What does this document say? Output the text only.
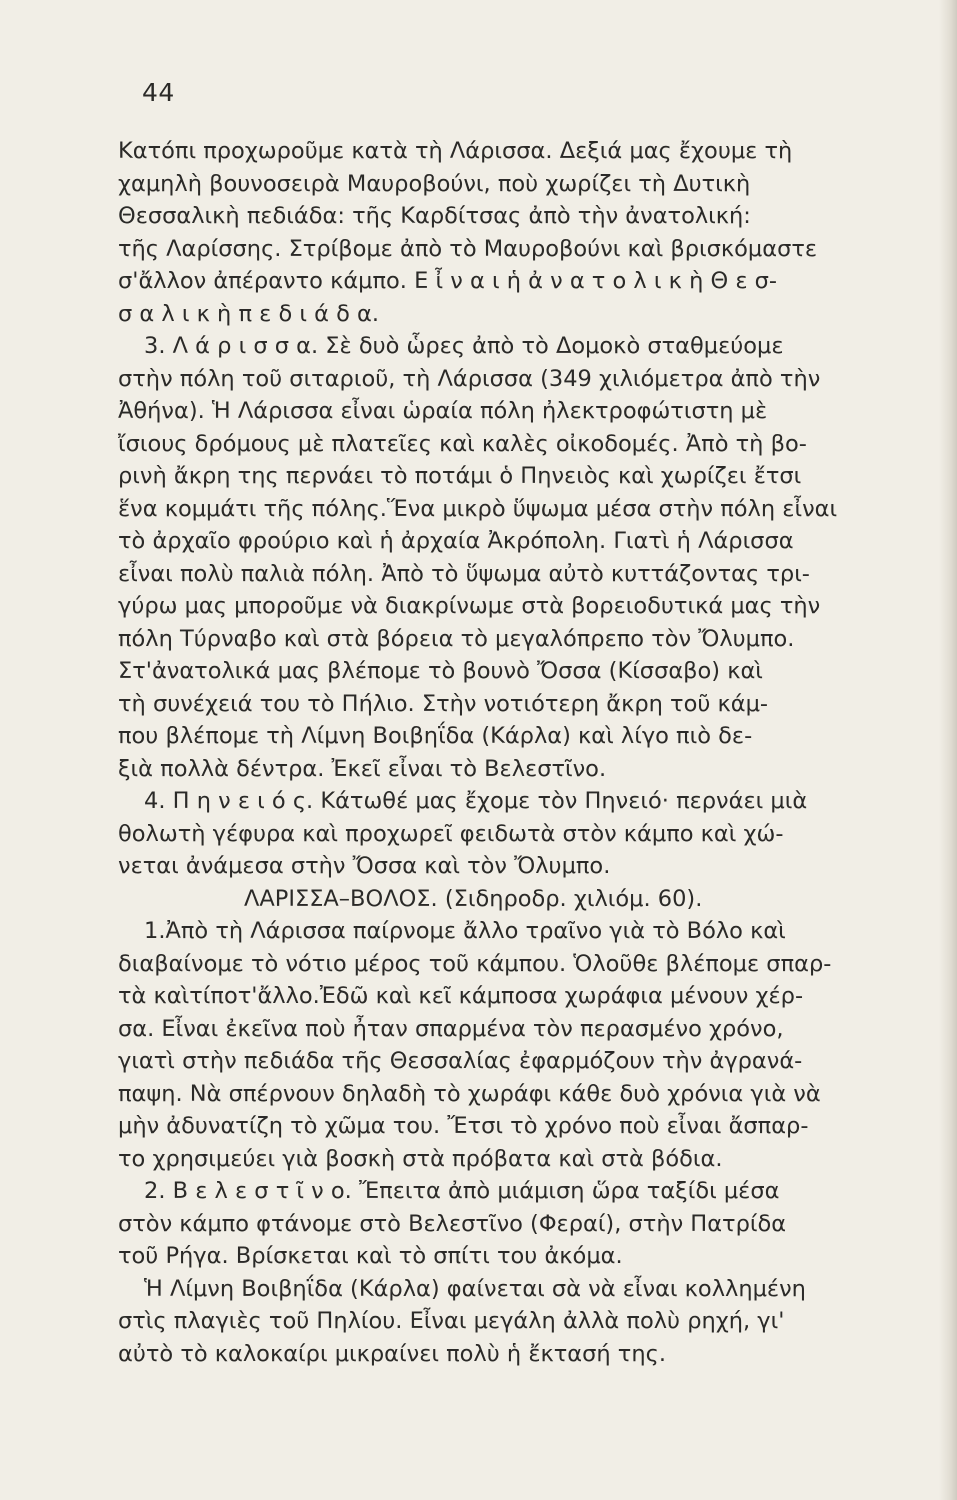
44
Κατόπι προχωροῦμε κατὰ τὴ Λάρισσα. Δεξιά μας ἔχουμε τὴ
χαμηλὴ βουνοσειρὰ Μαυροβούνι, ποὺ χωρίζει τὴ Δυτικὴ
Θεσσαλικὴ πεδιάδα: τῆς Καρδίτσας ἀπὸ τὴν ἀνατολική:
τῆς Λαρίσσης. Στρίβομε ἀπὸ τὸ Μαυροβούνι καὶ βρισκόμαστε
σ'ἄλλον ἀπέραντο κάμπο. Ε ἶ ν α ι ἡ ἀ ν α τ ο λ ι κ ὴ Θ ε σ-
σ α λ ι κ ὴ π ε δ ι ά δ α.
3. Λ ά ρ ι σ σ α. Σὲ δυὸ ὧρες ἀπὸ τὸ Δομοκὸ σταθμεύομε
στὴν πόλη τοῦ σιταριοῦ, τὴ Λάρισσα (349 χιλιόμετρα ἀπὸ τὴν
Ἀθήνα). Ἡ Λάρισσα εἶναι ὡραία πόλη ἠλεκτροφώτιστη μὲ
ἴσιους δρόμους μὲ πλατεῖες καὶ καλὲς οἰκοδομές. Ἀπὸ τὴ βο-
ρινὴ ἄκρη της περνάει τὸ ποτάμι ὁ Πηνειὸς καὶ χωρίζει ἔτσι
ἕνα κομμάτι τῆς πόλης.Ἕνα μικρὸ ὕψωμα μέσα στὴν πόλη εἶναι
τὸ ἀρχαῖο φρούριο καὶ ἡ ἀρχαία Ἀκρόπολη. Γιατὶ ἡ Λάρισσα
εἶναι πολὺ παλιὰ πόλη. Ἀπὸ τὸ ὕψωμα αὐτὸ κυττάζοντας τρι-
γύρω μας μποροῦμε νὰ διακρίνωμε στὰ βορειοδυτικά μας τὴν
πόλη Τύρναβο καὶ στὰ βόρεια τὸ μεγαλόπρεπο τὸν Ὄλυμπο.
Στ'ἀνατολικά μας βλέπομε τὸ βουνὸ Ὄσσα (Κίσσαβο) καὶ
τὴ συνέχειά του τὸ Πήλιο. Στὴν νοτιότερη ἄκρη τοῦ κάμ-
που βλέπομε τὴ Λίμνη Βοιβηΐδα (Κάρλα) καὶ λίγο πιὸ δε-
ξιὰ πολλὰ δέντρα. Ἐκεῖ εἶναι τὸ Βελεστῖνο.
4. Π η ν ε ι ό ς. Κάτωθέ μας ἔχομε τὸν Πηνειό· περνάει μιὰ
θολωτὴ γέφυρα καὶ προχωρεῖ φειδωτὰ στὸν κάμπο καὶ χώ-
νεται ἀνάμεσα στὴν Ὄσσα καὶ τὸν Ὄλυμπο.
ΛΑΡΙΣΣΑ–ΒΟΛΟΣ. (Σιδηροδρ. χιλιόμ. 60).
1.Ἀπὸ τὴ Λάρισσα παίρνομε ἄλλο τραῖνο γιὰ τὸ Βόλο καὶ
διαβαίνομε τὸ νότιο μέρος τοῦ κάμπου. Ὁλοῦθε βλέπομε σπαρ-
τὰ καὶτίποτ'ἄλλο.Ἐδῶ καὶ κεῖ κάμποσα χωράφια μένουν χέρ-
σα. Εἶναι ἐκεῖνα ποὺ ἦταν σπαρμένα τὸν περασμένο χρόνο,
γιατὶ στὴν πεδιάδα τῆς Θεσσαλίας ἐφαρμόζουν τὴν ἀγρανά-
παψη. Νὰ σπέρνουν δηλαδὴ τὸ χωράφι κάθε δυὸ χρόνια γιὰ νὰ
μὴν ἀδυνατίζη τὸ χῶμα του. Ἔτσι τὸ χρόνο ποὺ εἶναι ἄσπαρ-
το χρησιμεύει γιὰ βοσκὴ στὰ πρόβατα καὶ στὰ βόδια.
2. Β ε λ ε σ τ ῖ ν ο. Ἔπειτα ἀπὸ μιάμιση ὥρα ταξίδι μέσα
στὸν κάμπο φτάνομε στὸ Βελεστῖνο (Φεραί), στὴν Πατρίδα
τοῦ Ρήγα. Βρίσκεται καὶ τὸ σπίτι του ἀκόμα.
Ἡ Λίμνη Βοιβηΐδα (Κάρλα) φαίνεται σὰ νὰ εἶναι κολλημένη
στὶς πλαγιὲς τοῦ Πηλίου. Εἶναι μεγάλη ἀλλὰ πολὺ ρηχή, γι'
αὐτὸ τὸ καλοκαίρι μικραίνει πολὺ ἡ ἔκτασή της.
